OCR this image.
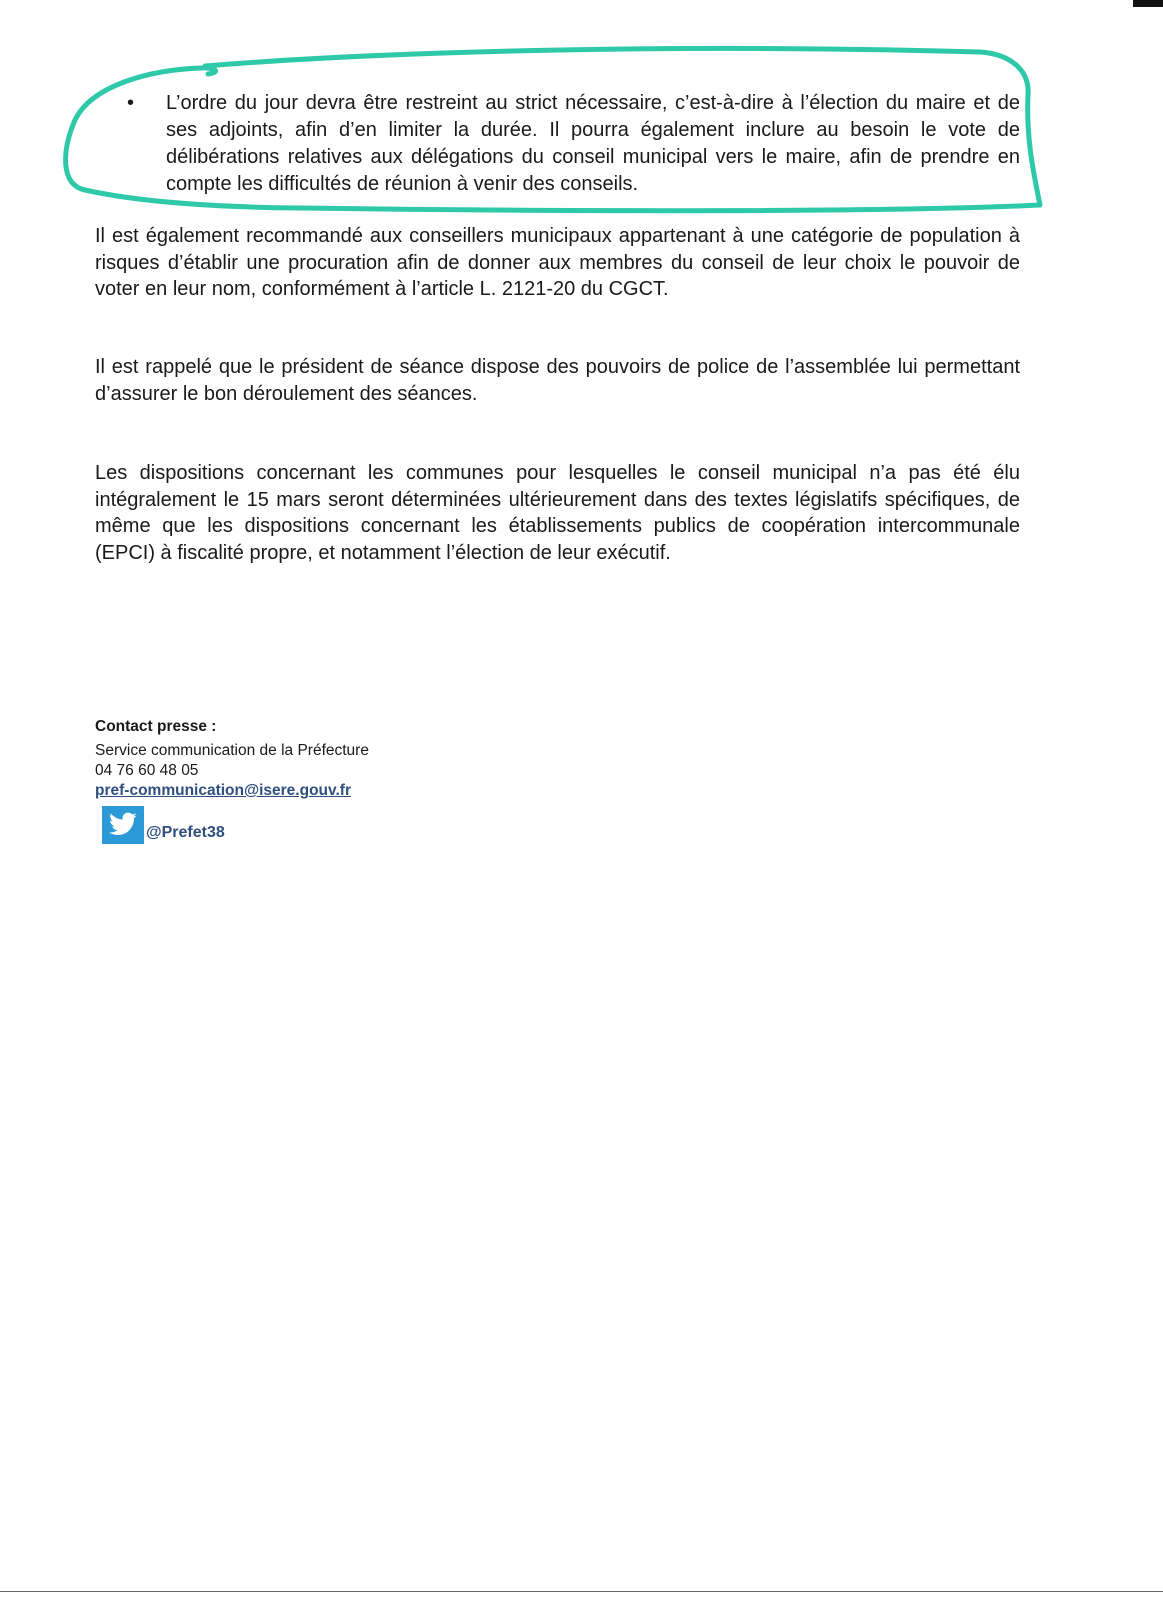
• L’ordre du jour devra être restreint au strict nécessaire, c’est-à-dire à l’élection du maire et de ses adjoints, afin d’en limiter la durée. Il pourra également inclure au besoin le vote de délibérations relatives aux délégations du conseil municipal vers le maire, afin de prendre en compte les difficultés de réunion à venir des conseils.

Il est également recommandé aux conseillers municipaux appartenant à une catégorie de population à risques d’établir une procuration afin de donner aux membres du conseil de leur choix le pouvoir de voter en leur nom, conformément à l’article L. 2121-20 du CGCT.

Il est rappelé que le président de séance dispose des pouvoirs de police de l’assemblée lui permettant d’assurer le bon déroulement des séances.

Les dispositions concernant les communes pour lesquelles le conseil municipal n’a pas été élu intégralement le 15 mars seront déterminées ultérieurement dans des textes législatifs spécifiques, de même que les dispositions concernant les établissements publics de coopération intercommunale (EPCI) à fiscalité propre, et notamment l’élection de leur exécutif.

Contact presse :
Service communication de la Préfecture
04 76 60 48 05
pref-communication@isere.gouv.fr
@Prefet38
